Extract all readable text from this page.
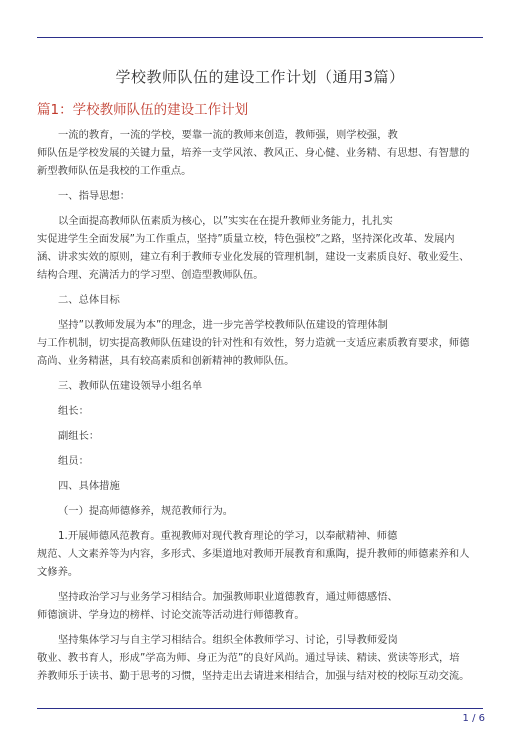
学校教师队伍的建设工作计划（通用3篇）
篇1：学校教师队伍的建设工作计划
一流的教育，一流的学校，要靠一流的教师来创造，教师强，则学校强，教
师队伍是学校发展的关键力量，培养一支学风浓、教风正、身心健、业务精、有思想、有智慧的
新型教师队伍是我校的工作重点。
一、指导思想：
以全面提高教师队伍素质为核心，以”实实在在提升教师业务能力，扎扎实
实促进学生全面发展”为工作重点，坚持”质量立校，特色强校”之路，坚持深化改革、发展内
涵、讲求实效的原则，建立有利于教师专业化发展的管理机制，建设一支素质良好、敬业爱生、
结构合理、充满活力的学习型、创造型教师队伍。
二、总体目标
坚持”以教师发展为本”的理念，进一步完善学校教师队伍建设的管理体制
与工作机制，切实提高教师队伍建设的针对性和有效性，努力造就一支适应素质教育要求，师德
高尚、业务精湛，具有较高素质和创新精神的教师队伍。
三、教师队伍建设领导小组名单
组长：
副组长：
组员：
四、具体措施
（一）提高师德修养，规范教师行为。
1.开展师德风范教育。重视教师对现代教育理论的学习，以奉献精神、师德
规范、人文素养等为内容，多形式、多渠道地对教师开展教育和熏陶，提升教师的师德素养和人
文修养。
坚持政治学习与业务学习相结合。加强教师职业道德教育，通过师德感悟、
师德演讲、学身边的榜样、讨论交流等活动进行师德教育。
坚持集体学习与自主学习相结合。组织全体教师学习、讨论，引导教师爱岗
敬业、教书育人，形成”学高为师、身正为范”的良好风尚。通过导读、精读、赏读等形式，培
养教师乐于读书、勤于思考的习惯，坚持走出去请进来相结合，加强与结对校的校际互动交流。
1 / 6
